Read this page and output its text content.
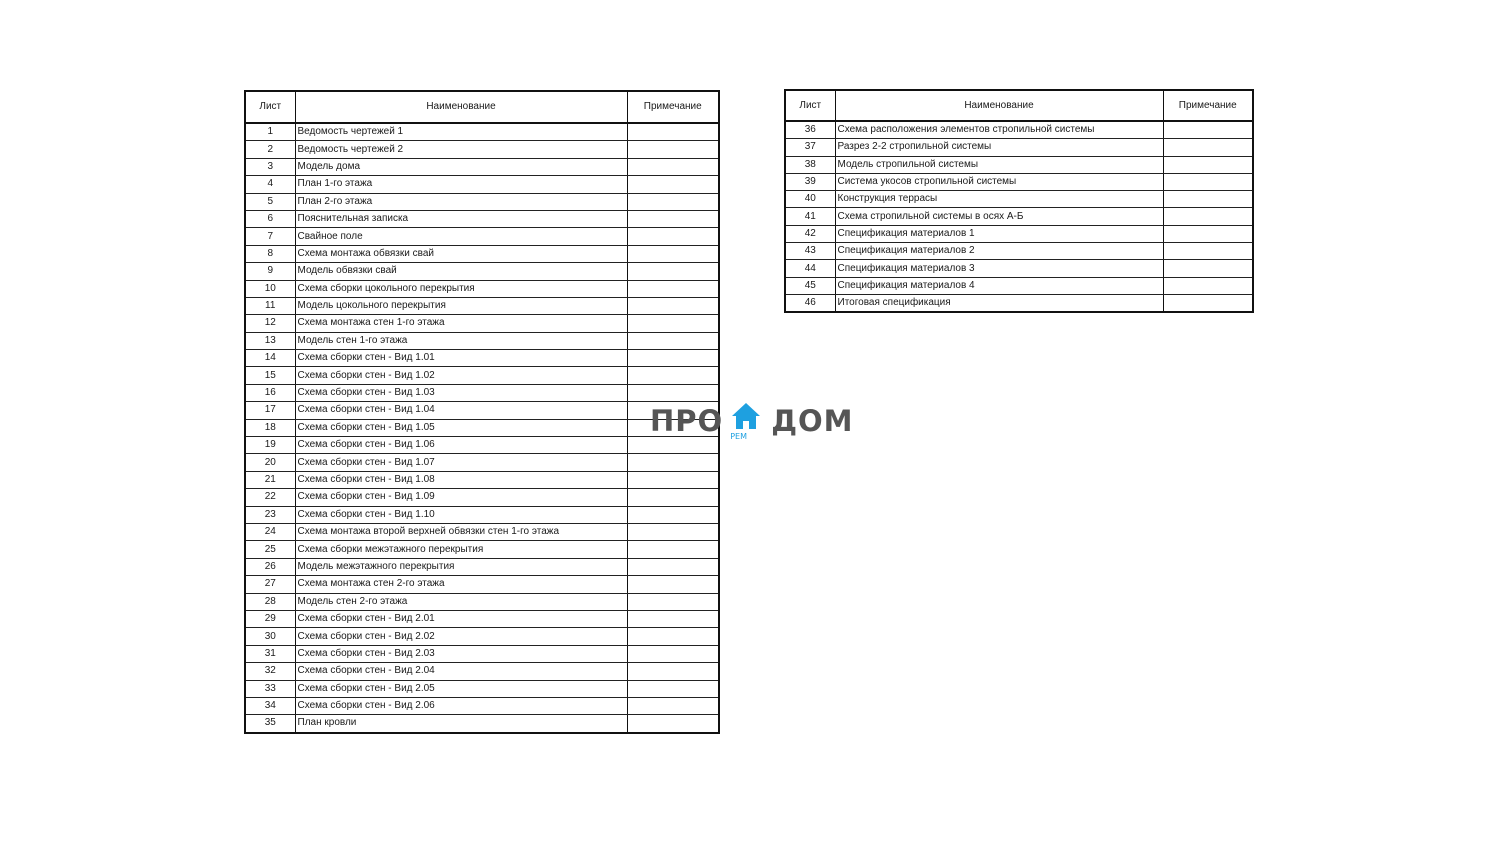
Лист	Наименование	Примечание
1	Ведомость чертежей 1	
2	Ведомость чертежей 2	
3	Модель дома	
4	План 1-го этажа	
5	План 2-го этажа	
6	Пояснительная записка	
7	Свайное поле	
8	Схема монтажа обвязки свай	
9	Модель обвязки свай	
10	Схема сборки цокольного перекрытия	
11	Модель цокольного перекрытия	
12	Схема монтажа стен 1-го этажа	
13	Модель стен 1-го этажа	
14	Схема сборки стен - Вид 1.01	
15	Схема сборки стен - Вид 1.02	
16	Схема сборки стен - Вид 1.03	
17	Схема сборки стен - Вид 1.04	
18	Схема сборки стен - Вид 1.05	
19	Схема сборки стен - Вид 1.06	
20	Схема сборки стен - Вид 1.07	
21	Схема сборки стен - Вид 1.08	
22	Схема сборки стен - Вид 1.09	
23	Схема сборки стен - Вид 1.10	
24	Схема монтажа второй верхней обвязки стен 1-го этажа	
25	Схема сборки межэтажного перекрытия	
26	Модель межэтажного перекрытия	
27	Схема монтажа стен 2-го этажа	
28	Модель стен 2-го этажа	
29	Схема сборки стен - Вид 2.01	
30	Схема сборки стен - Вид 2.02	
31	Схема сборки стен - Вид 2.03	
32	Схема сборки стен - Вид 2.04	
33	Схема сборки стен - Вид 2.05	
34	Схема сборки стен - Вид 2.06	
35	План кровли	
Лист	Наименование	Примечание
36	Схема расположения элементов стропильной системы	
37	Разрез 2-2 стропильной системы	
38	Модель стропильной системы	
39	Система укосов стропильной системы	
40	Конструкция террасы	
41	Схема стропильной системы в осях А-Б	
42	Спецификация материалов 1	
43	Спецификация материалов 2	
44	Спецификация материалов 3	
45	Спецификация материалов 4	
46	Итоговая спецификация	
ПРО РЕМ ДОМ
